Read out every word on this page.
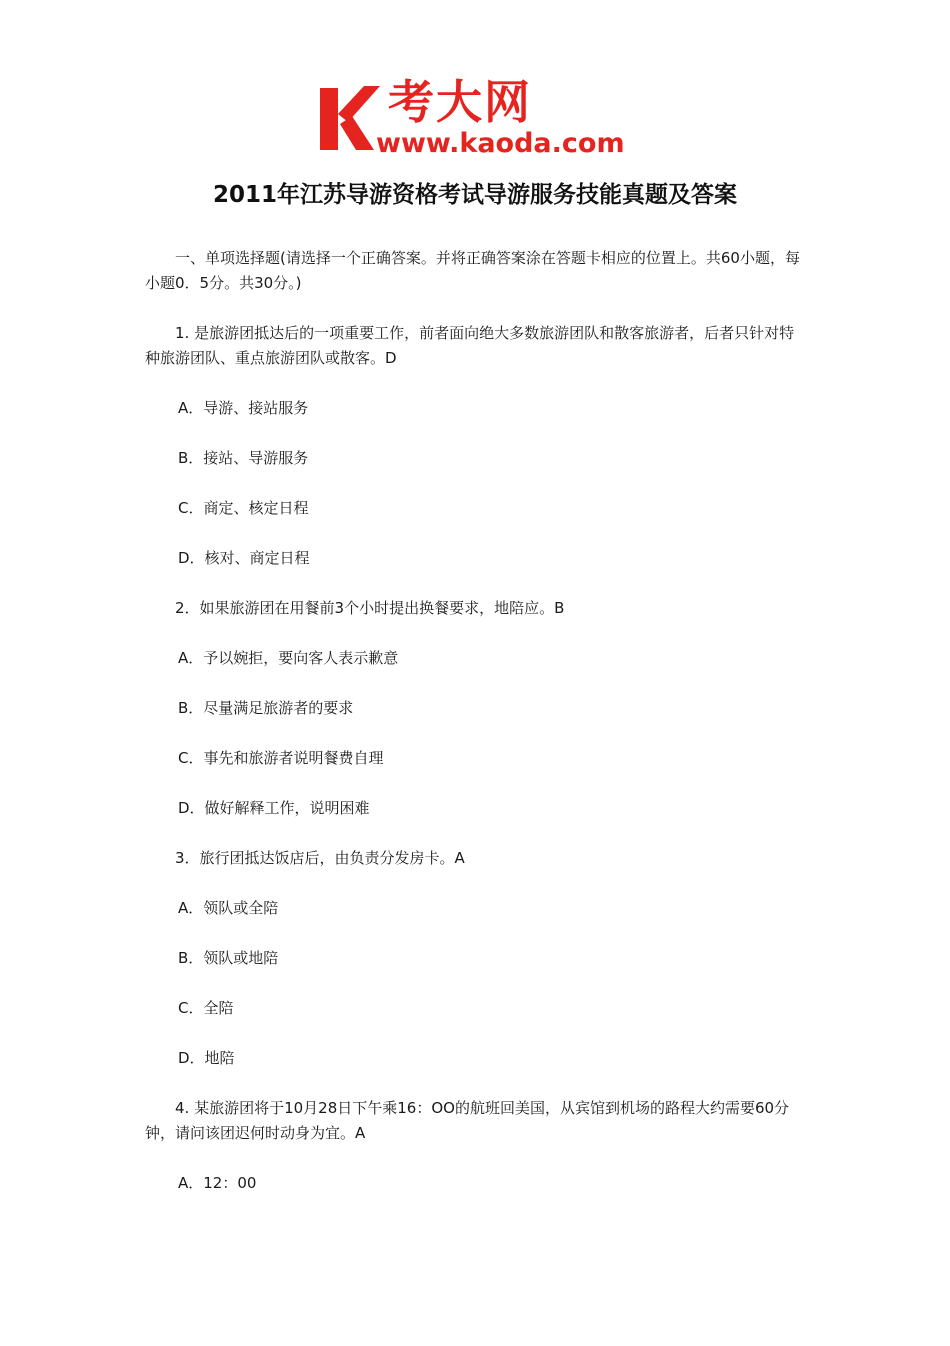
考大网
www.kaoda.com
2011年江苏导游资格考试导游服务技能真题及答案

一、单项选择题(请选择一个正确答案。并将正确答案涂在答题卡相应的位置上。共60小题，每小题0．5分。共30分。)

1. 是旅游团抵达后的一项重要工作，前者面向绝大多数旅游团队和散客旅游者，后者只针对特种旅游团队、重点旅游团队或散客。D

A．导游、接站服务

B．接站、导游服务

C．商定、核定日程

D．核对、商定日程

2．如果旅游团在用餐前3个小时提出换餐要求，地陪应。B

A．予以婉拒，要向客人表示歉意

B．尽量满足旅游者的要求

C．事先和旅游者说明餐费自理

D．做好解释工作，说明困难

3．旅行团抵达饭店后，由负责分发房卡。A

A．领队或全陪

B．领队或地陪

C．全陪

D．地陪

4. 某旅游团将于10月28日下午乘16：OO的航班回美国，从宾馆到机场的路程大约需要60分钟，请问该团迟何时动身为宜。A

A．12：00
